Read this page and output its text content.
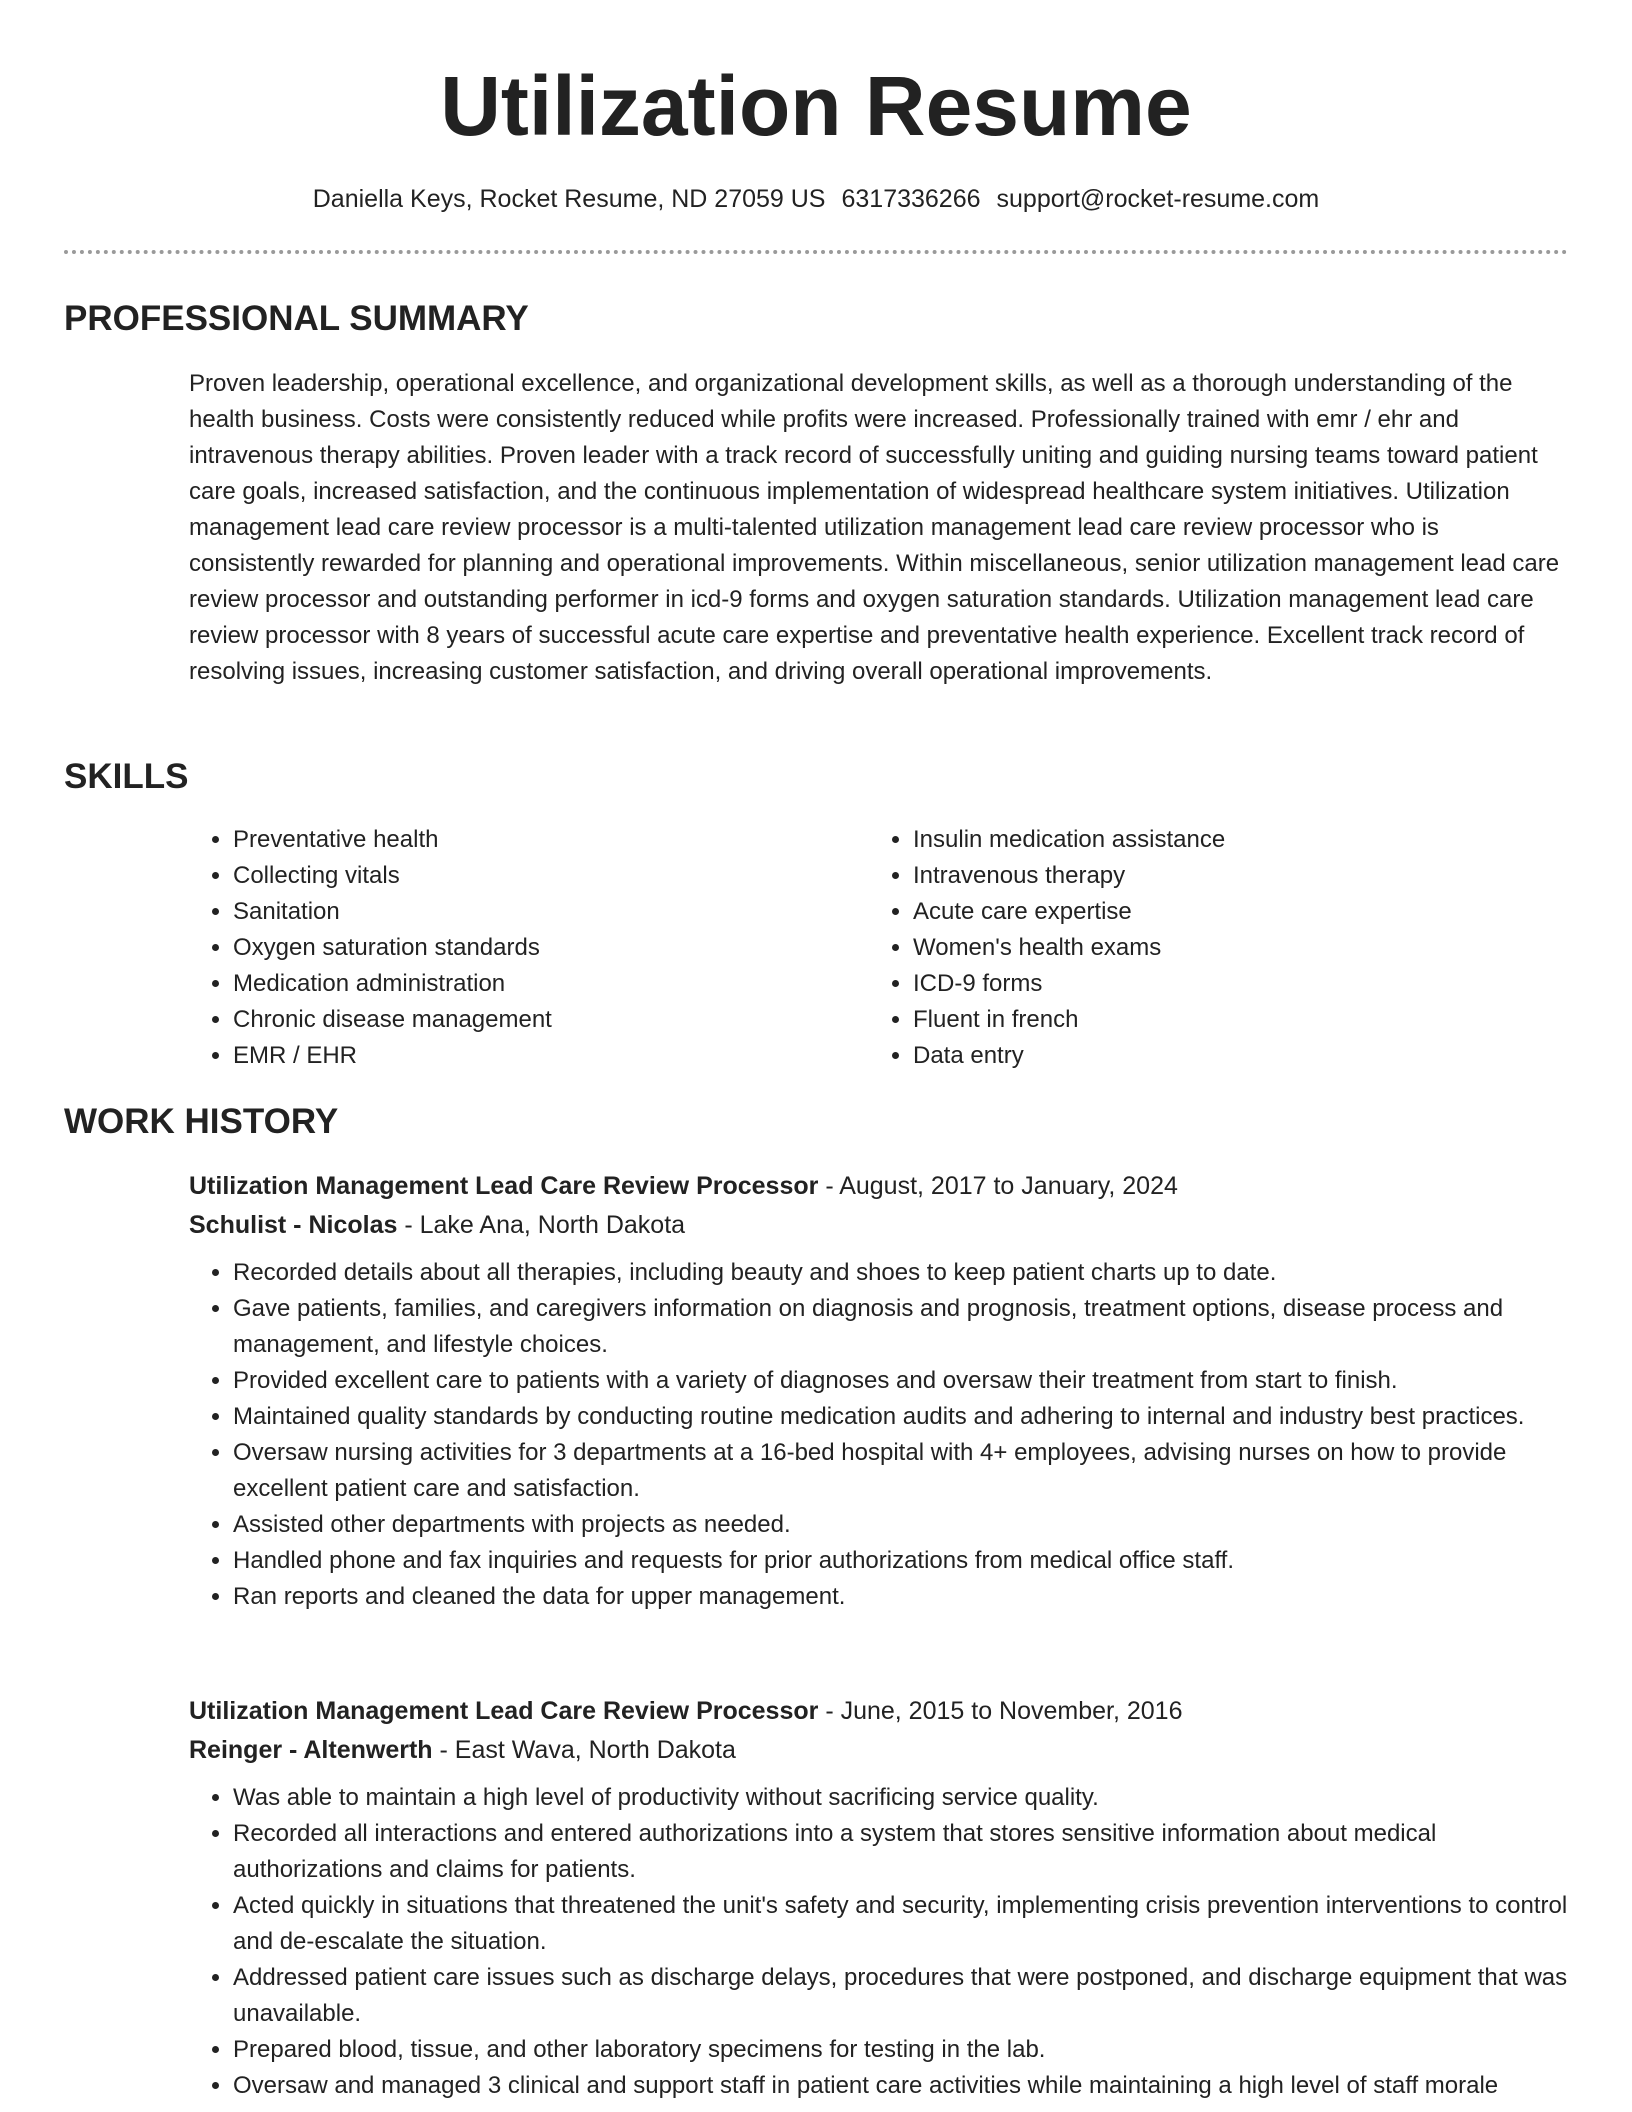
Utilization Resume
Daniella Keys, Rocket Resume, ND 27059 US 6317336266 support@rocket-resume.com
PROFESSIONAL SUMMARY

Proven leadership, operational excellence, and organizational development skills, as well as a thorough understanding of the health business. Costs were consistently reduced while profits were increased. Professionally trained with emr / ehr and intravenous therapy abilities. Proven leader with a track record of successfully uniting and guiding nursing teams toward patient care goals, increased satisfaction, and the continuous implementation of widespread healthcare system initiatives. Utilization management lead care review processor is a multi-talented utilization management lead care review processor who is consistently rewarded for planning and operational improvements. Within miscellaneous, senior utilization management lead care review processor and outstanding performer in icd-9 forms and oxygen saturation standards. Utilization management lead care review processor with 8 years of successful acute care expertise and preventative health experience. Excellent track record of resolving issues, increasing customer satisfaction, and driving overall operational improvements.

SKILLS
• Preventative health
• Collecting vitals
• Sanitation
• Oxygen saturation standards
• Medication administration
• Chronic disease management
• EMR / EHR
• Insulin medication assistance
• Intravenous therapy
• Acute care expertise
• Women's health exams
• ICD-9 forms
• Fluent in french
• Data entry
WORK HISTORY

Utilization Management Lead Care Review Processor - August, 2017 to January, 2024

Schulist - Nicolas - Lake Ana, North Dakota

• Recorded details about all therapies, including beauty and shoes to keep patient charts up to date.
• Gave patients, families, and caregivers information on diagnosis and prognosis, treatment options, disease process and management, and lifestyle choices.
• Provided excellent care to patients with a variety of diagnoses and oversaw their treatment from start to finish.
• Maintained quality standards by conducting routine medication audits and adhering to internal and industry best practices.
• Oversaw nursing activities for 3 departments at a 16-bed hospital with 4+ employees, advising nurses on how to provide excellent patient care and satisfaction.
• Assisted other departments with projects as needed.
• Handled phone and fax inquiries and requests for prior authorizations from medical office staff.
• Ran reports and cleaned the data for upper management.

Utilization Management Lead Care Review Processor - June, 2015 to November, 2016

Reinger - Altenwerth - East Wava, North Dakota

• Was able to maintain a high level of productivity without sacrificing service quality.
• Recorded all interactions and entered authorizations into a system that stores sensitive information about medical authorizations and claims for patients.
• Acted quickly in situations that threatened the unit's safety and security, implementing crisis prevention interventions to control and de-escalate the situation.
• Addressed patient care issues such as discharge delays, procedures that were postponed, and discharge equipment that was unavailable.
• Prepared blood, tissue, and other laboratory specimens for testing in the lab.
• Oversaw and managed 3 clinical and support staff in patient care activities while maintaining a high level of staff morale
